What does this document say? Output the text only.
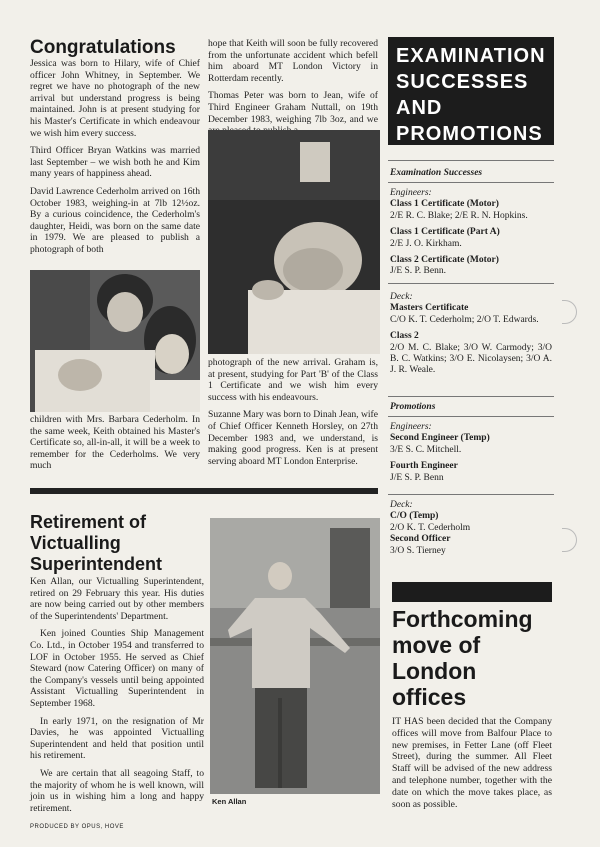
Congratulations

Jessica was born to Hilary, wife of Chief officer John Whitney, in September. We regret we have no photograph of the new arrival but understand progress is being maintained. John is at present studying for his Master's Certificate in which endeavour we wish him every success.

Third Officer Bryan Watkins was married last September – we wish both he and Kim many years of happiness ahead.

David Lawrence Cederholm arrived on 16th October 1983, weighing-in at 7lb 12½oz. By a curious coincidence, the Cederholm's daughter, Heidi, was born on the same date in 1979. We are pleased to publish a photograph of both

children with Mrs. Barbara Cederholm. In the same week, Keith obtained his Master's Certificate so, all-in-all, it will be a week to remember for the Cederholms. We very much

hope that Keith will soon be fully recovered from the unfortunate accident which befell him aboard MT London Victory in Rotterdam recently.

Thomas Peter was born to Jean, wife of Third Engineer Graham Nuttall, on 19th December 1983, weighing 7lb 3oz, and we

photograph of the new arrival. Graham is, at present, studying for Part 'B' of the Class 1 Certificate and we wish him every success with his endeavours.

Suzanne Mary was born to Dinah Jean, wife of Chief Officer Kenneth Horsley, on 27th December 1983 and, we understand, is making good progress. Ken is at present serving aboard MT London Enterprise.

Retirement of
Victualling
Superintendent

Ken Allan, our Victualling Superintendent, retired on 29 February this year. His duties are now being carried out by other members of the Superintendents' Department.

Ken joined Counties Ship Management Co. Ltd., in October 1954 and transferred to LOF in October 1955. He served as Chief Steward (now Catering Officer) on many of the Company's vessels until being appointed Assistant Victualling Superintendent in September 1968.

In early 1971, on the resignation of Mr Davies, he was appointed Victualling Superintendent and held that position until his retirement.

We are certain that all seagoing Staff, to the majority of whom he is well known, will join us in wishing him a long and happy retirement.

Ken Allan
PRODUCED BY OPUS, HOVE
EXAMINATION
SUCCESSES
AND
PROMOTIONS
Examination Successes
Engineers:
Class 1 Certificate (Motor)
2/E R. C. Blake; 2/E R. N. Hopkins.
Class 1 Certificate (Part A)
2/E J. O. Kirkham.
Class 2 Certificate (Motor)
J/E S. P. Benn.
Deck:
Masters Certificate
C/O K. T. Cederholm; 2/O T. Edwards.
Class 2
2/O M. C. Blake; 3/O W. Carmody; 3/O B. C. Watkins; 3/O E. Nicolaysen; 3/O A. J. R. Weale.
Promotions
Engineers:
Second Engineer (Temp)
3/E S. C. Mitchell.
Fourth Engineer
J/E S. P. Benn
Deck:
C/O (Temp)
2/O K. T. Cederholm
Second Officer
3/O S. Tierney
Forthcoming
move of
London
offices
IT HAS been decided that the Company offices will move from Balfour Place to new premises, in Fetter Lane (off Fleet Street), during the summer. All Fleet Staff will be advised of the new address and telephone number, together with the date on which the move takes place, as soon as possible.
